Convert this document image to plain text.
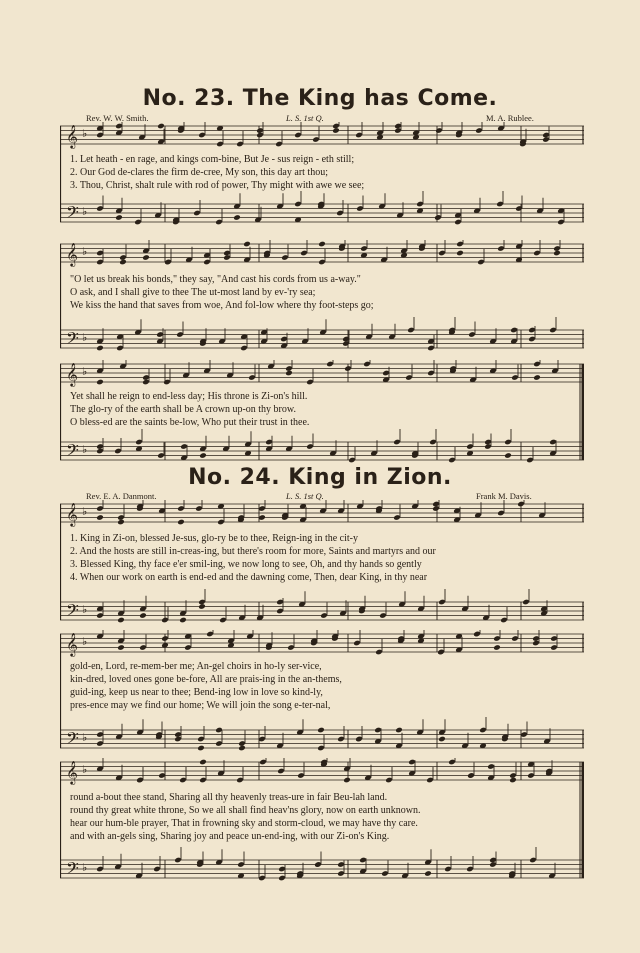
No. 23. The King has Come.
Rev. W. W. Smith.	L. S. 1st Q.	M. A. Rublee.
𝄞 ♭
𝄢 ♭
1. Let heath - en rage, and kings com-bine, But Je - sus reign - eth still;
2. Our God de-clares the firm de-cree, My son, this day art thou;
3. Thou, Christ, shalt rule with rod of power, Thy might with awe we see;
𝄞 ♭
𝄢 ♭
"O let us break his bonds," they say, "And cast his cords from us a-way."
O ask, and I shall give to thee The ut-most land by ev-'ry sea;
We kiss the hand that saves from woe, And fol-low where thy foot-steps go;
𝄞 ♭
𝄢 ♭
Yet shall he reign to end-less day; His throne is Zi-on's hill.
The glo-ry of the earth shall be A crown up-on thy brow.
O bless-ed are the saints be-low, Who put their trust in thee.
No. 24. King in Zion.
Rev. E. A. Danmont.	L. S. 1st Q.	Frank M. Davis.
𝄞 ♭
𝄢 ♭
1. King in Zi-on, blessed Je-sus, glo-ry be to thee, Reign-ing in the cit-y
2. And the hosts are still in-creas-ing, but there's room for more, Saints and martyrs and our
3. Blessed King, thy face e'er smil-ing, we now long to see, Oh, and thy hands so gently
4. When our work on earth is end-ed and the dawning come, Then, dear King, in thy near
𝄞 ♭
𝄢 ♭
gold-en, Lord, re-mem-ber me; An-gel choirs in ho-ly ser-vice,
kin-dred, loved ones gone be-fore, All are prais-ing in the an-thems,
guid-ing, keep us near to thee; Bend-ing low in love so kind-ly,
pres-ence may we find our home; We will join the song e-ter-nal,
𝄞 ♭
𝄢 ♭
round a-bout thee stand, Sharing all thy heavenly treas-ure in fair Beu-lah land.
round thy great white throne, So we all shall find heav'ns glory, now on earth unknown.
hear our hum-ble prayer, That in frowning sky and storm-cloud, we may have thy care.
and with an-gels sing, Sharing joy and peace un-end-ing, with our Zi-on's King.
